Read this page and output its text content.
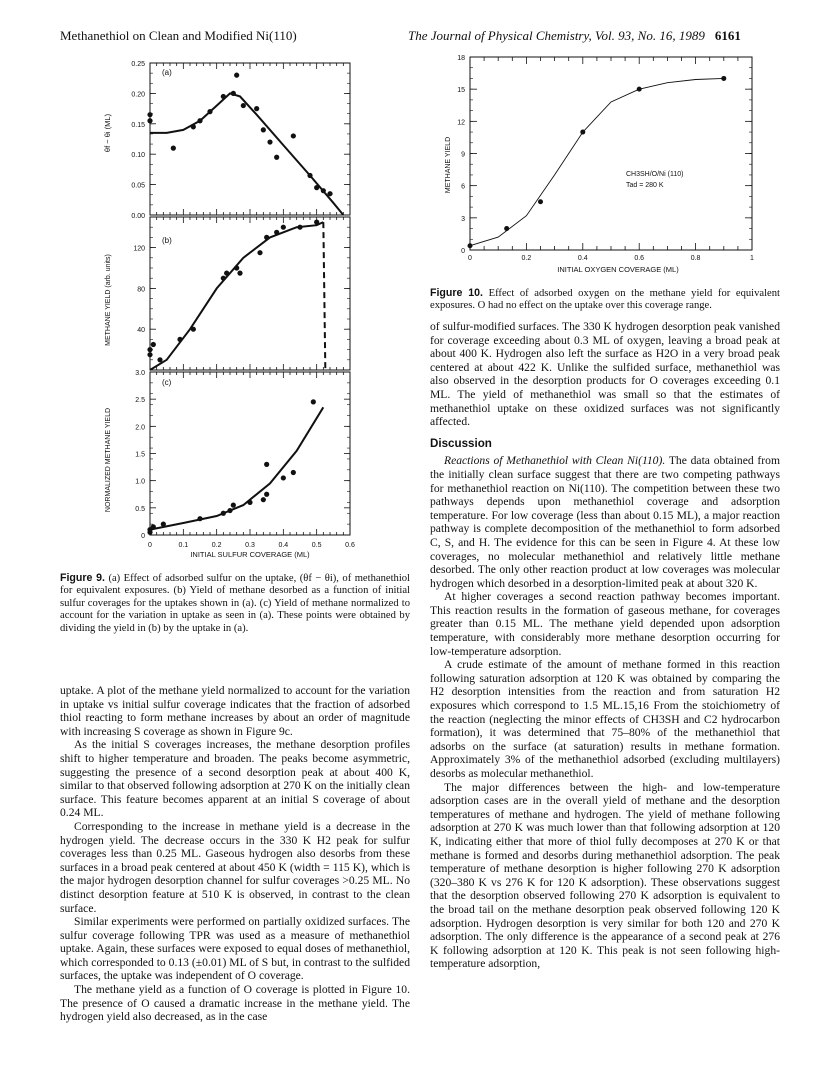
Methanethiol on Clean and Modified Ni(110)	The Journal of Physical Chemistry, Vol. 93, No. 16, 1989 6161
0.00
0.05
0.10
0.15
0.20
0.25
40
80
120
0
0.5
1.0
1.5
2.0
2.5
3.0
0	0.1	0.2	0.3	0.4	0.5	0.6
(a)
(b)
(c)
θf − θi (ML)
METHANE YIELD (arb. units)
NORMALIZED METHANE YIELD
INITIAL SULFUR COVERAGE (ML)
Figure 9. (a) Effect of adsorbed sulfur on the uptake, (θf − θi), of methanethiol for equivalent exposures. (b) Yield of methane desorbed as a function of initial sulfur coverages for the uptakes shown in (a). (c) Yield of methane normalized to account for the variation in uptake as seen in (a). These points were obtained by dividing the yield in (b) by the uptake in (a).
METHANE YIELD
INITIAL OXYGEN COVERAGE (ML)
CH3SH/O/Ni (110)
Tad = 280 K
0	0.2	0.4	0.6	0.8	1
0
3
6
9
12
15
18
Figure 10. Effect of adsorbed oxygen on the methane yield for equivalent exposures. O had no effect on the uptake over this coverage range.

uptake. A plot of the methane yield normalized to account for the variation in uptake vs initial sulfur coverage indicates that the fraction of adsorbed thiol reacting to form methane increases by about an order of magnitude with increasing S coverage as shown in Figure 9c.

As the initial S coverages increases, the methane desorption profiles shift to higher temperature and broaden. The peaks become asymmetric, suggesting the presence of a second desorption peak at about 400 K, similar to that observed following adsorption at 270 K on the initially clean surface. This feature becomes apparent at an initial S coverage of about 0.24 ML.

Corresponding to the increase in methane yield is a decrease in the hydrogen yield. The decrease occurs in the 330 K H2 peak for sulfur coverages less than 0.25 ML. Gaseous hydrogen also desorbs from these surfaces in a broad peak centered at about 450 K (width = 115 K), which is the major hydrogen desorption channel for sulfur coverages >0.25 ML. No distinct desorption feature at 510 K is observed, in contrast to the clean surface.

Similar experiments were performed on partially oxidized surfaces. The sulfur coverage following TPR was used as a measure of methanethiol uptake. Again, these surfaces were exposed to equal doses of methanethiol, which corresponded to 0.13 (±0.01) ML of S but, in contrast to the sulfided surfaces, the uptake was independent of O coverage.

The methane yield as a function of O coverage is plotted in Figure 10. The presence of O caused a dramatic increase in the methane yield. The hydrogen yield also decreased, as in the case

of sulfur-modified surfaces. The 330 K hydrogen desorption peak vanished for coverage exceeding about 0.3 ML of oxygen, leaving a broad peak at about 400 K. Hydrogen also left the surface as H2O in a very broad peak centered at about 422 K. Unlike the sulfided surface, methanethiol was also observed in the desorption products for O coverages exceeding 0.1 ML. The yield of methanethiol was small so that the estimates of methanethiol uptake on these oxidized surfaces was not significantly affected.

Discussion

Reactions of Methanethiol with Clean Ni(110). The data obtained from the initially clean surface suggest that there are two competing pathways for methanethiol reaction on Ni(110). The competition between these two pathways depends upon methanethiol coverage and adsorption temperature. For low coverage (less than about 0.15 ML), a major reaction pathway is complete decomposition of the methanethiol to form adsorbed C, S, and H. The evidence for this can be seen in Figure 4. At these low coverages, no molecular methanethiol and relatively little methane desorbed. The only other reaction product at low coverages was molecular hydrogen which desorbed in a desorption-limited peak at about 320 K.

At higher coverages a second reaction pathway becomes important. This reaction results in the formation of gaseous methane, for coverages greater than 0.15 ML. The methane yield depended upon adsorption temperature, with considerably more methane desorption occurring for low-temperature adsorption.

A crude estimate of the amount of methane formed in this reaction following saturation adsorption at 120 K was obtained by comparing the H2 desorption intensities from the reaction and from saturation H2 exposures which correspond to 1.5 ML.15,16 From the stoichiometry of the reaction (neglecting the minor effects of CH3SH and C2 hydrocarbon formation), it was determined that 75–80% of the methanethiol that adsorbs on the surface (at saturation) results in methane formation. Approximately 3% of the methanethiol adsorbed (excluding multilayers) desorbs as molecular methanethiol.

The major differences between the high- and low-temperature adsorption cases are in the overall yield of methane and the desorption temperatures of methane and hydrogen. The yield of methane following adsorption at 270 K was much lower than that following adsorption at 120 K, indicating either that more of thiol fully decomposes at 270 K or that methane is formed and desorbs during methanethiol adsorption. The peak temperature of methane desorption is higher following 270 K adsorption (320–380 K vs 276 K for 120 K adsorption). These observations suggest that the desorption observed following 270 K adsorption is equivalent to the broad tail on the methane desorption peak observed following 120 K adsorption. Hydrogen desorption is very similar for both 120 and 270 K adsorption. The only difference is the appearance of a second peak at 276 K following adsorption at 120 K. This peak is not seen following high-temperature adsorption,
